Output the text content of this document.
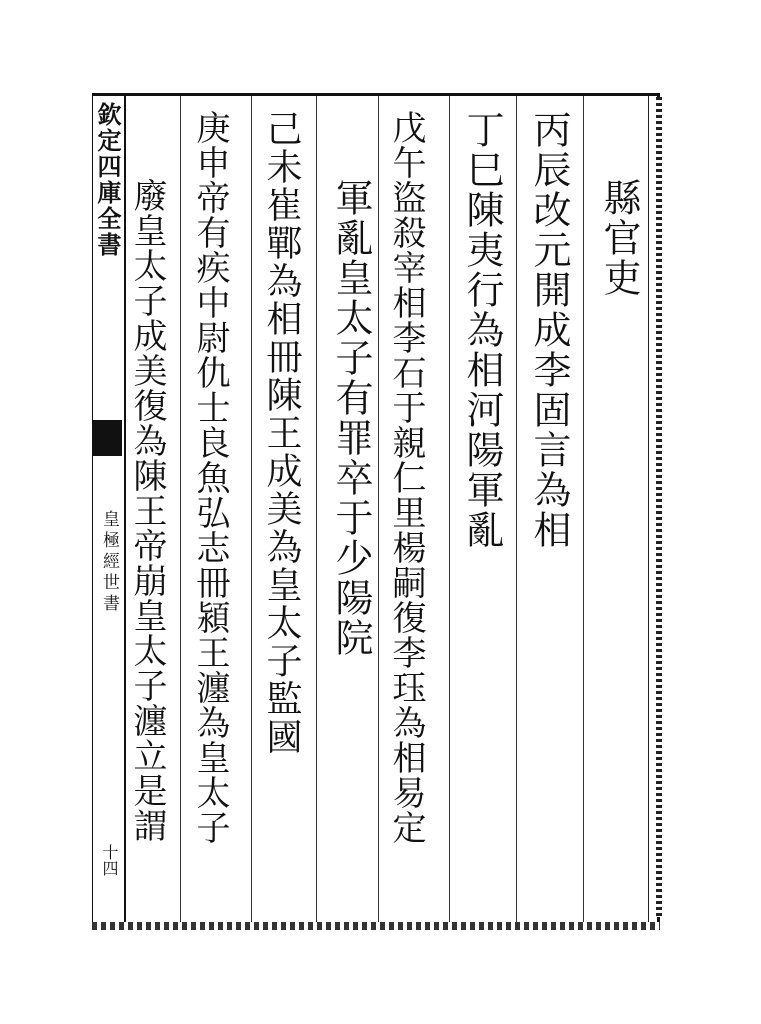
欽定四庫全書
皇極經世書
十四
縣官吏
丙辰改元開成李固言為相
丁巳陳夷行為相河陽軍亂
戊午盜殺宰相李石于親仁里楊嗣復李珏為相易定
軍亂皇太子有罪卒于少陽院
己未崔鄲為相冊陳王成美為皇太子監國
庚申帝有疾中尉仇士良魚弘志冊潁王瀍為皇太子
廢皇太子成美復為陳王帝崩皇太子瀍立是謂
